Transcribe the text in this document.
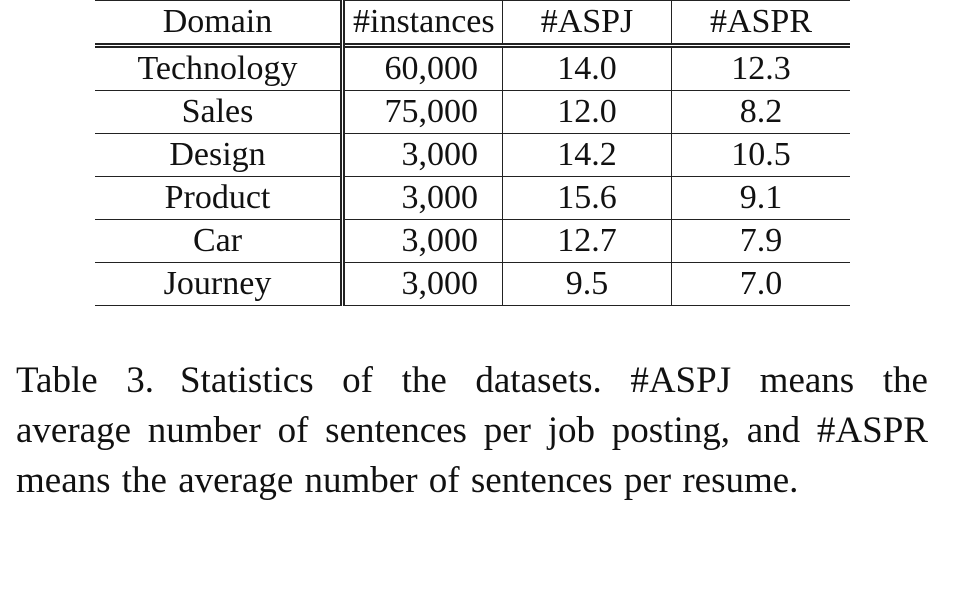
Domain	#instances	#ASPJ	#ASPR
Technology	60,000	14.0	12.3
Sales	75,000	12.0	8.2
Design	3,000	14.2	10.5
Product	3,000	15.6	9.1
Car	3,000	12.7	7.9
Journey	3,000	9.5	7.0

Table 3. Statistics of the datasets. #ASPJ means the average number of sentences per job posting, and #ASPR means the average number of sentences per resume.
